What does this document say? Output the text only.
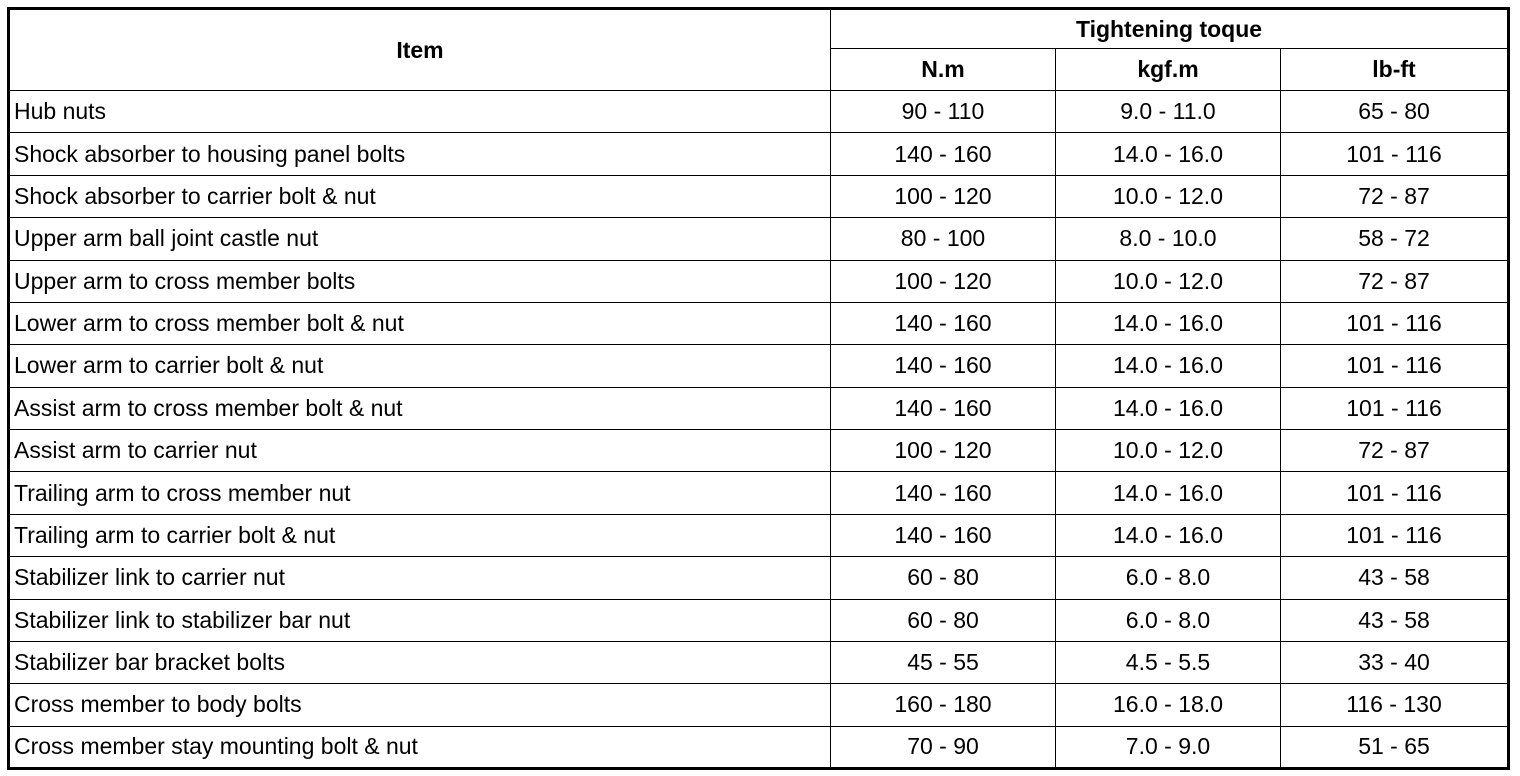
Item	Tightening toque		
	N.m	kgf.m	lb-ft
Hub nuts	90 - 110	9.0 - 11.0	65 - 80
Shock absorber to housing panel bolts	140 - 160	14.0 - 16.0	101 - 116
Shock absorber to carrier bolt & nut	100 - 120	10.0 - 12.0	72 - 87
Upper arm ball joint castle nut	80 - 100	8.0 - 10.0	58 - 72
Upper arm to cross member bolts	100 - 120	10.0 - 12.0	72 - 87
Lower arm to cross member bolt & nut	140 - 160	14.0 - 16.0	101 - 116
Lower arm to carrier bolt & nut	140 - 160	14.0 - 16.0	101 - 116
Assist arm to cross member bolt & nut	140 - 160	14.0 - 16.0	101 - 116
Assist arm to carrier nut	100 - 120	10.0 - 12.0	72 - 87
Trailing arm to cross member nut	140 - 160	14.0 - 16.0	101 - 116
Trailing arm to carrier bolt & nut	140 - 160	14.0 - 16.0	101 - 116
Stabilizer link to carrier nut	60 - 80	6.0 - 8.0	43 - 58
Stabilizer link to stabilizer bar nut	60 - 80	6.0 - 8.0	43 - 58
Stabilizer bar bracket bolts	45 - 55	4.5 - 5.5	33 - 40
Cross member to body bolts	160 - 180	16.0 - 18.0	116 - 130
Cross member stay mounting bolt & nut	70 - 90	7.0 - 9.0	51 - 65
